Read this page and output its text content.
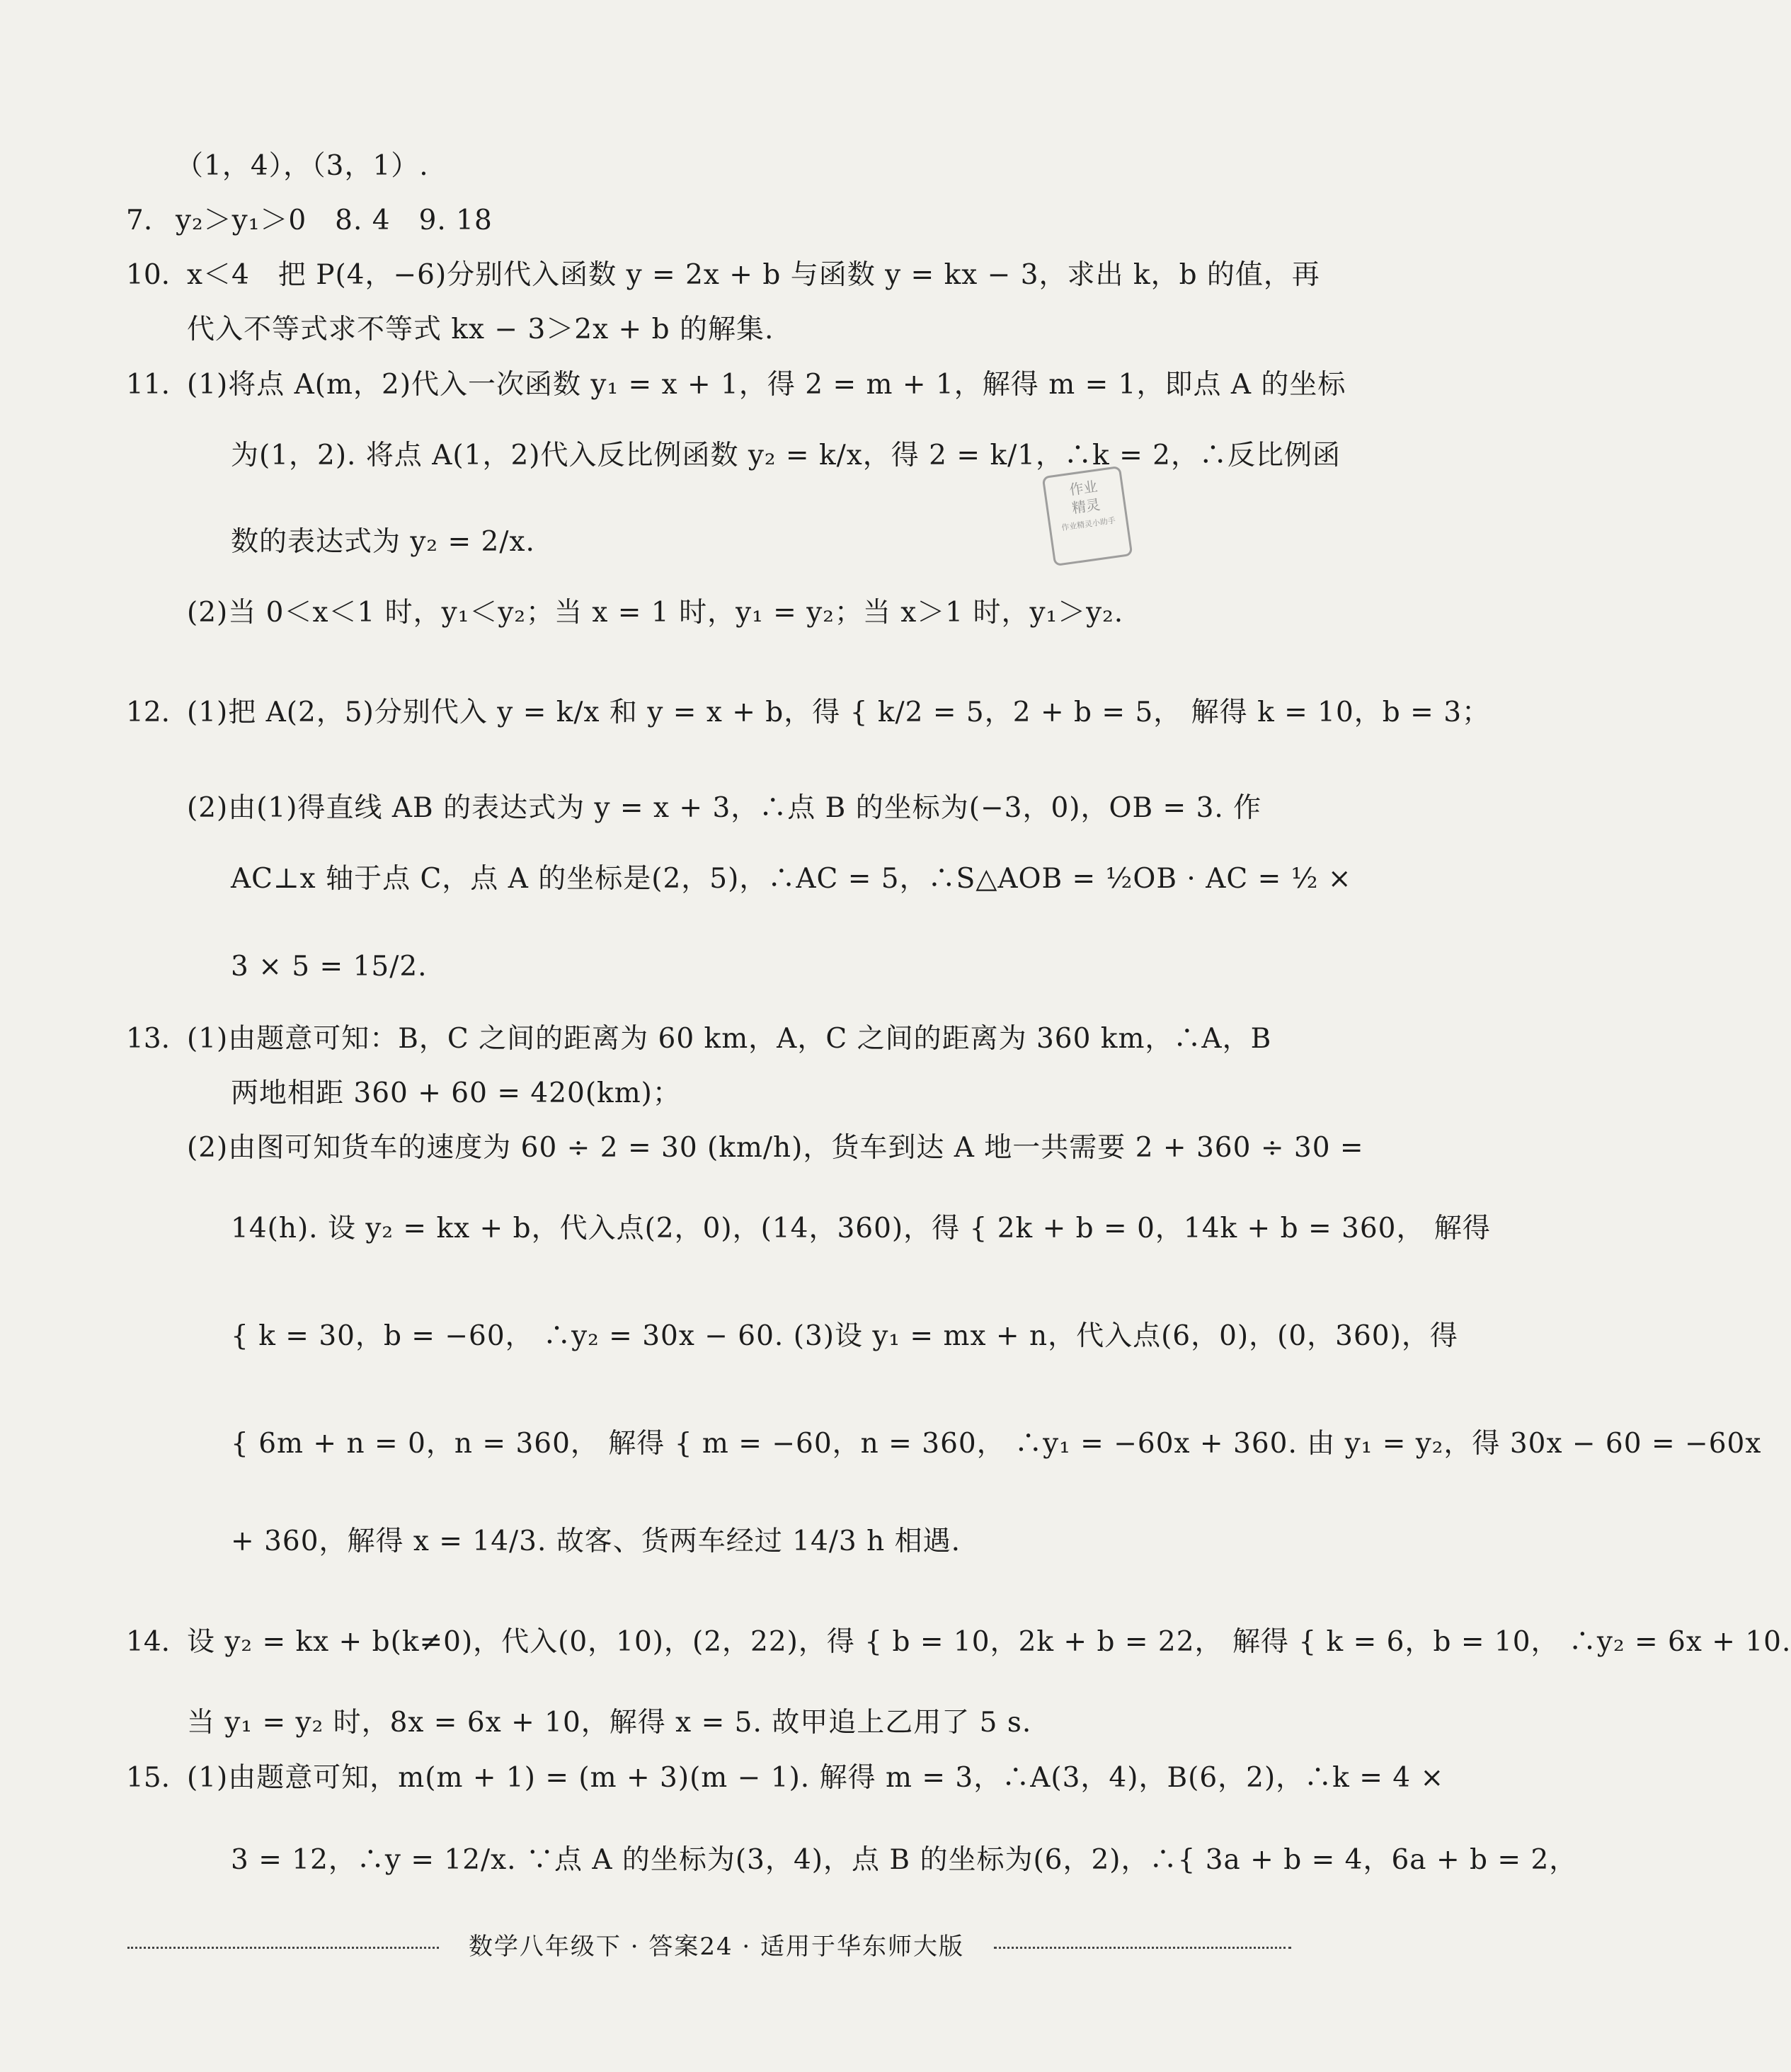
（1，4），（3，1）.
7. y₂＞y₁＞0　8. 4　9. 18
10. x＜4　把 P(4，−6)分别代入函数 y = 2x + b 与函数 y = kx − 3，求出 k，b 的值，再
代入不等式求不等式 kx − 3＞2x + b 的解集.
11. (1)将点 A(m，2)代入一次函数 y₁ = x + 1，得 2 = m + 1，解得 m = 1，即点 A 的坐标
为(1，2). 将点 A(1，2)代入反比例函数 y₂ = k/x，得 2 = k/1，∴k = 2，∴反比例函
数的表达式为 y₂ = 2/x.
(2)当 0＜x＜1 时，y₁＜y₂；当 x = 1 时，y₁ = y₂；当 x＞1 时，y₁＞y₂.
作业
精灵
作业精灵小助手
12. (1)把 A(2，5)分别代入 y = k/x 和 y = x + b，得 { k/2 = 5，2 + b = 5， 解得 k = 10，b = 3；
(2)由(1)得直线 AB 的表达式为 y = x + 3，∴点 B 的坐标为(−3，0)，OB = 3. 作
AC⊥x 轴于点 C，点 A 的坐标是(2，5)，∴AC = 5，∴S△AOB = ½OB · AC = ½ ×
3 × 5 = 15/2.
13. (1)由题意可知：B，C 之间的距离为 60 km，A，C 之间的距离为 360 km，∴A，B
两地相距 360 + 60 = 420(km)；
(2)由图可知货车的速度为 60 ÷ 2 = 30 (km/h)，货车到达 A 地一共需要 2 + 360 ÷ 30 =
14(h). 设 y₂ = kx + b，代入点(2，0)，(14，360)，得 { 2k + b = 0，14k + b = 360， 解得
{ k = 30，b = −60， ∴y₂ = 30x − 60. (3)设 y₁ = mx + n，代入点(6，0)，(0，360)，得
{ 6m + n = 0，n = 360， 解得 { m = −60，n = 360， ∴y₁ = −60x + 360. 由 y₁ = y₂，得 30x − 60 = −60x
+ 360，解得 x = 14/3. 故客、货两车经过 14/3 h 相遇.
14. 设 y₂ = kx + b(k≠0)，代入(0，10)，(2，22)，得 { b = 10，2k + b = 22， 解得 { k = 6，b = 10， ∴y₂ = 6x + 10.
当 y₁ = y₂ 时，8x = 6x + 10，解得 x = 5. 故甲追上乙用了 5 s.
15. (1)由题意可知，m(m + 1) = (m + 3)(m − 1). 解得 m = 3，∴A(3，4)，B(6，2)，∴k = 4 ×
3 = 12，∴y = 12/x. ∵点 A 的坐标为(3，4)，点 B 的坐标为(6，2)，∴{ 3a + b = 4，6a + b = 2，
数学八年级下 · 答案24 · 适用于华东师大版
